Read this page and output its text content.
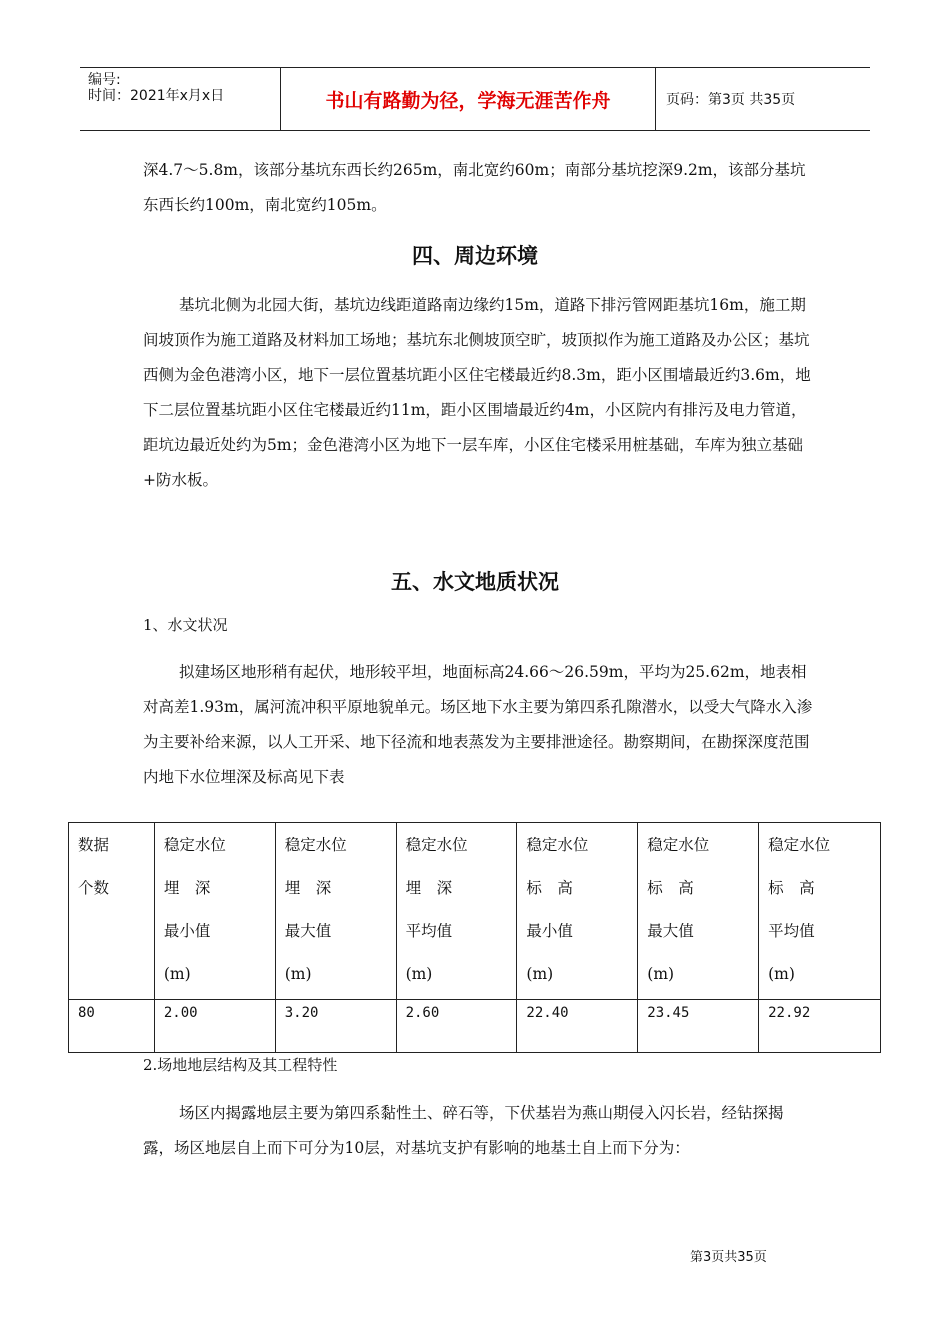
编号:
时间：2021年x月x日	书山有路勤为径，学海无涯苦作舟	页码：第3页 共35页

深4.7～5.8m，该部分基坑东西长约265m，南北宽约60m；南部分基坑挖深9.2m，该部分基坑东西长约100m，南北宽约105m。

四、周边环境

基坑北侧为北园大街，基坑边线距道路南边缘约15m，道路下排污管网距基坑16m，施工期间坡顶作为施工道路及材料加工场地；基坑东北侧坡顶空旷，坡顶拟作为施工道路及办公区；基坑西侧为金色港湾小区，地下一层位置基坑距小区住宅楼最近约8.3m，距小区围墙最近约3.6m，地下二层位置基坑距小区住宅楼最近约11m，距小区围墙最近约4m，小区院内有排污及电力管道，距坑边最近处约为5m；金色港湾小区为地下一层车库，小区住宅楼采用桩基础，车库为独立基础+防水板。

五、水文地质状况

1、水文状况

拟建场区地形稍有起伏，地形较平坦，地面标高24.66～26.59m，平均为25.62m，地表相对高差1.93m，属河流冲积平原地貌单元。场区地下水主要为第四系孔隙潜水，以受大气降水入渗为主要补给来源，以人工开采、地下径流和地表蒸发为主要排泄途径。勘察期间，在勘探深度范围内地下水位埋深及标高见下表

数据
个数	稳定水位
埋　深
最小值
(m)	稳定水位
埋　深
最大值
(m)	稳定水位
埋　深
平均值
(m)	稳定水位
标　高
最小值
(m)	稳定水位
标　高
最大值
(m)	稳定水位
标　高
平均值
(m)

80	2.00	3.20	2.60	22.40	23.45	22.92

2.场地地层结构及其工程特性

场区内揭露地层主要为第四系黏性土、碎石等，下伏基岩为燕山期侵入闪长岩，经钻探揭露，场区地层自上而下可分为10层，对基坑支护有影响的地基土自上而下分为：

第3页共35页
